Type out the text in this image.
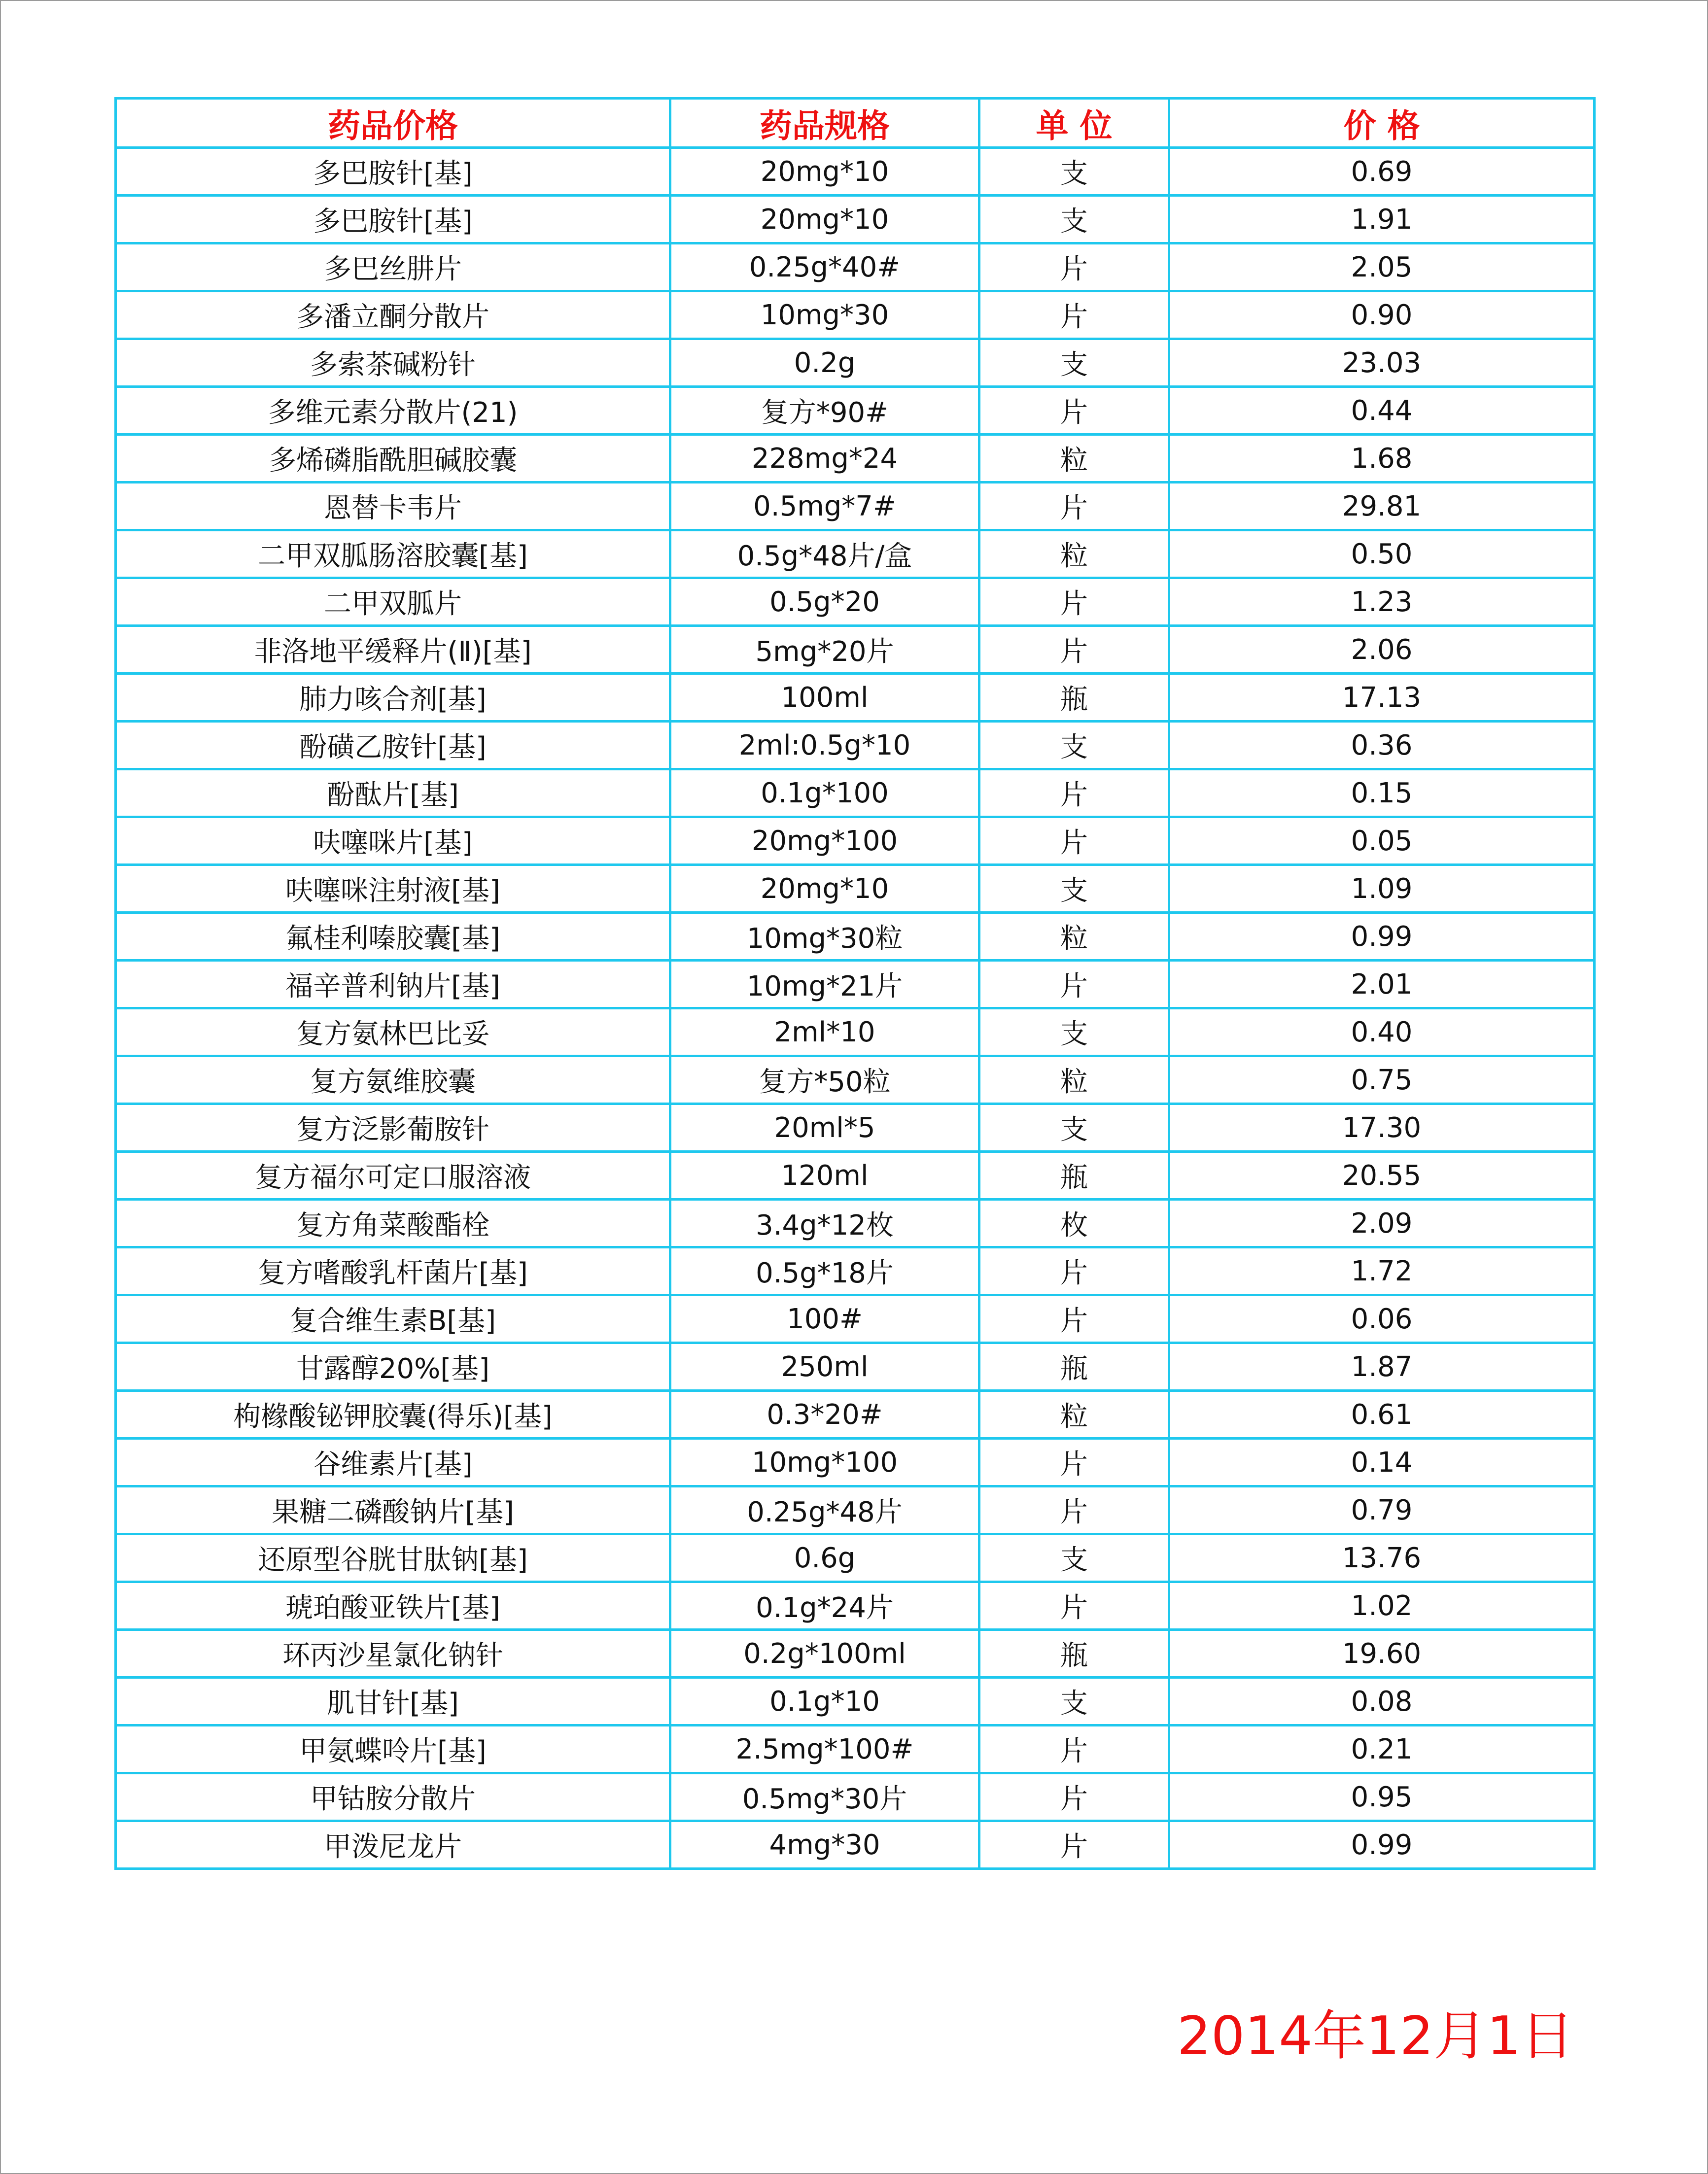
药品价格	药品规格	单 位	价 格
多巴胺针[基]	20mg*10	支	0.69
多巴胺针[基]	20mg*10	支	1.91
多巴丝肼片	0.25g*40#	片	2.05
多潘立酮分散片	10mg*30	片	0.90
多索茶碱粉针	0.2g	支	23.03
多维元素分散片(21)	复方*90#	片	0.44
多烯磷脂酰胆碱胶囊	228mg*24	粒	1.68
恩替卡韦片	0.5mg*7#	片	29.81
二甲双胍肠溶胶囊[基]	0.5g*48片/盒	粒	0.50
二甲双胍片	0.5g*20	片	1.23
非洛地平缓释片(Ⅱ)[基]	5mg*20片	片	2.06
肺力咳合剂[基]	100ml	瓶	17.13
酚磺乙胺针[基]	2ml:0.5g*10	支	0.36
酚酞片[基]	0.1g*100	片	0.15
呋噻咪片[基]	20mg*100	片	0.05
呋噻咪注射液[基]	20mg*10	支	1.09
氟桂利嗪胶囊[基]	10mg*30粒	粒	0.99
福辛普利钠片[基]	10mg*21片	片	2.01
复方氨林巴比妥	2ml*10	支	0.40
复方氨维胶囊	复方*50粒	粒	0.75
复方泛影葡胺针	20ml*5	支	17.30
复方福尔可定口服溶液	120ml	瓶	20.55
复方角菜酸酯栓	3.4g*12枚	枚	2.09
复方嗜酸乳杆菌片[基]	0.5g*18片	片	1.72
复合维生素B[基]	100#	片	0.06
甘露醇20%[基]	250ml	瓶	1.87
枸橼酸铋钾胶囊(得乐)[基]	0.3*20#	粒	0.61
谷维素片[基]	10mg*100	片	0.14
果糖二磷酸钠片[基]	0.25g*48片	片	0.79
还原型谷胱甘肽钠[基]	0.6g	支	13.76
琥珀酸亚铁片[基]	0.1g*24片	片	1.02
环丙沙星氯化钠针	0.2g*100ml	瓶	19.60
肌甘针[基]	0.1g*10	支	0.08
甲氨蝶呤片[基]	2.5mg*100#	片	0.21
甲钴胺分散片	0.5mg*30片	片	0.95
甲泼尼龙片	4mg*30	片	0.99
2014年12月1日
